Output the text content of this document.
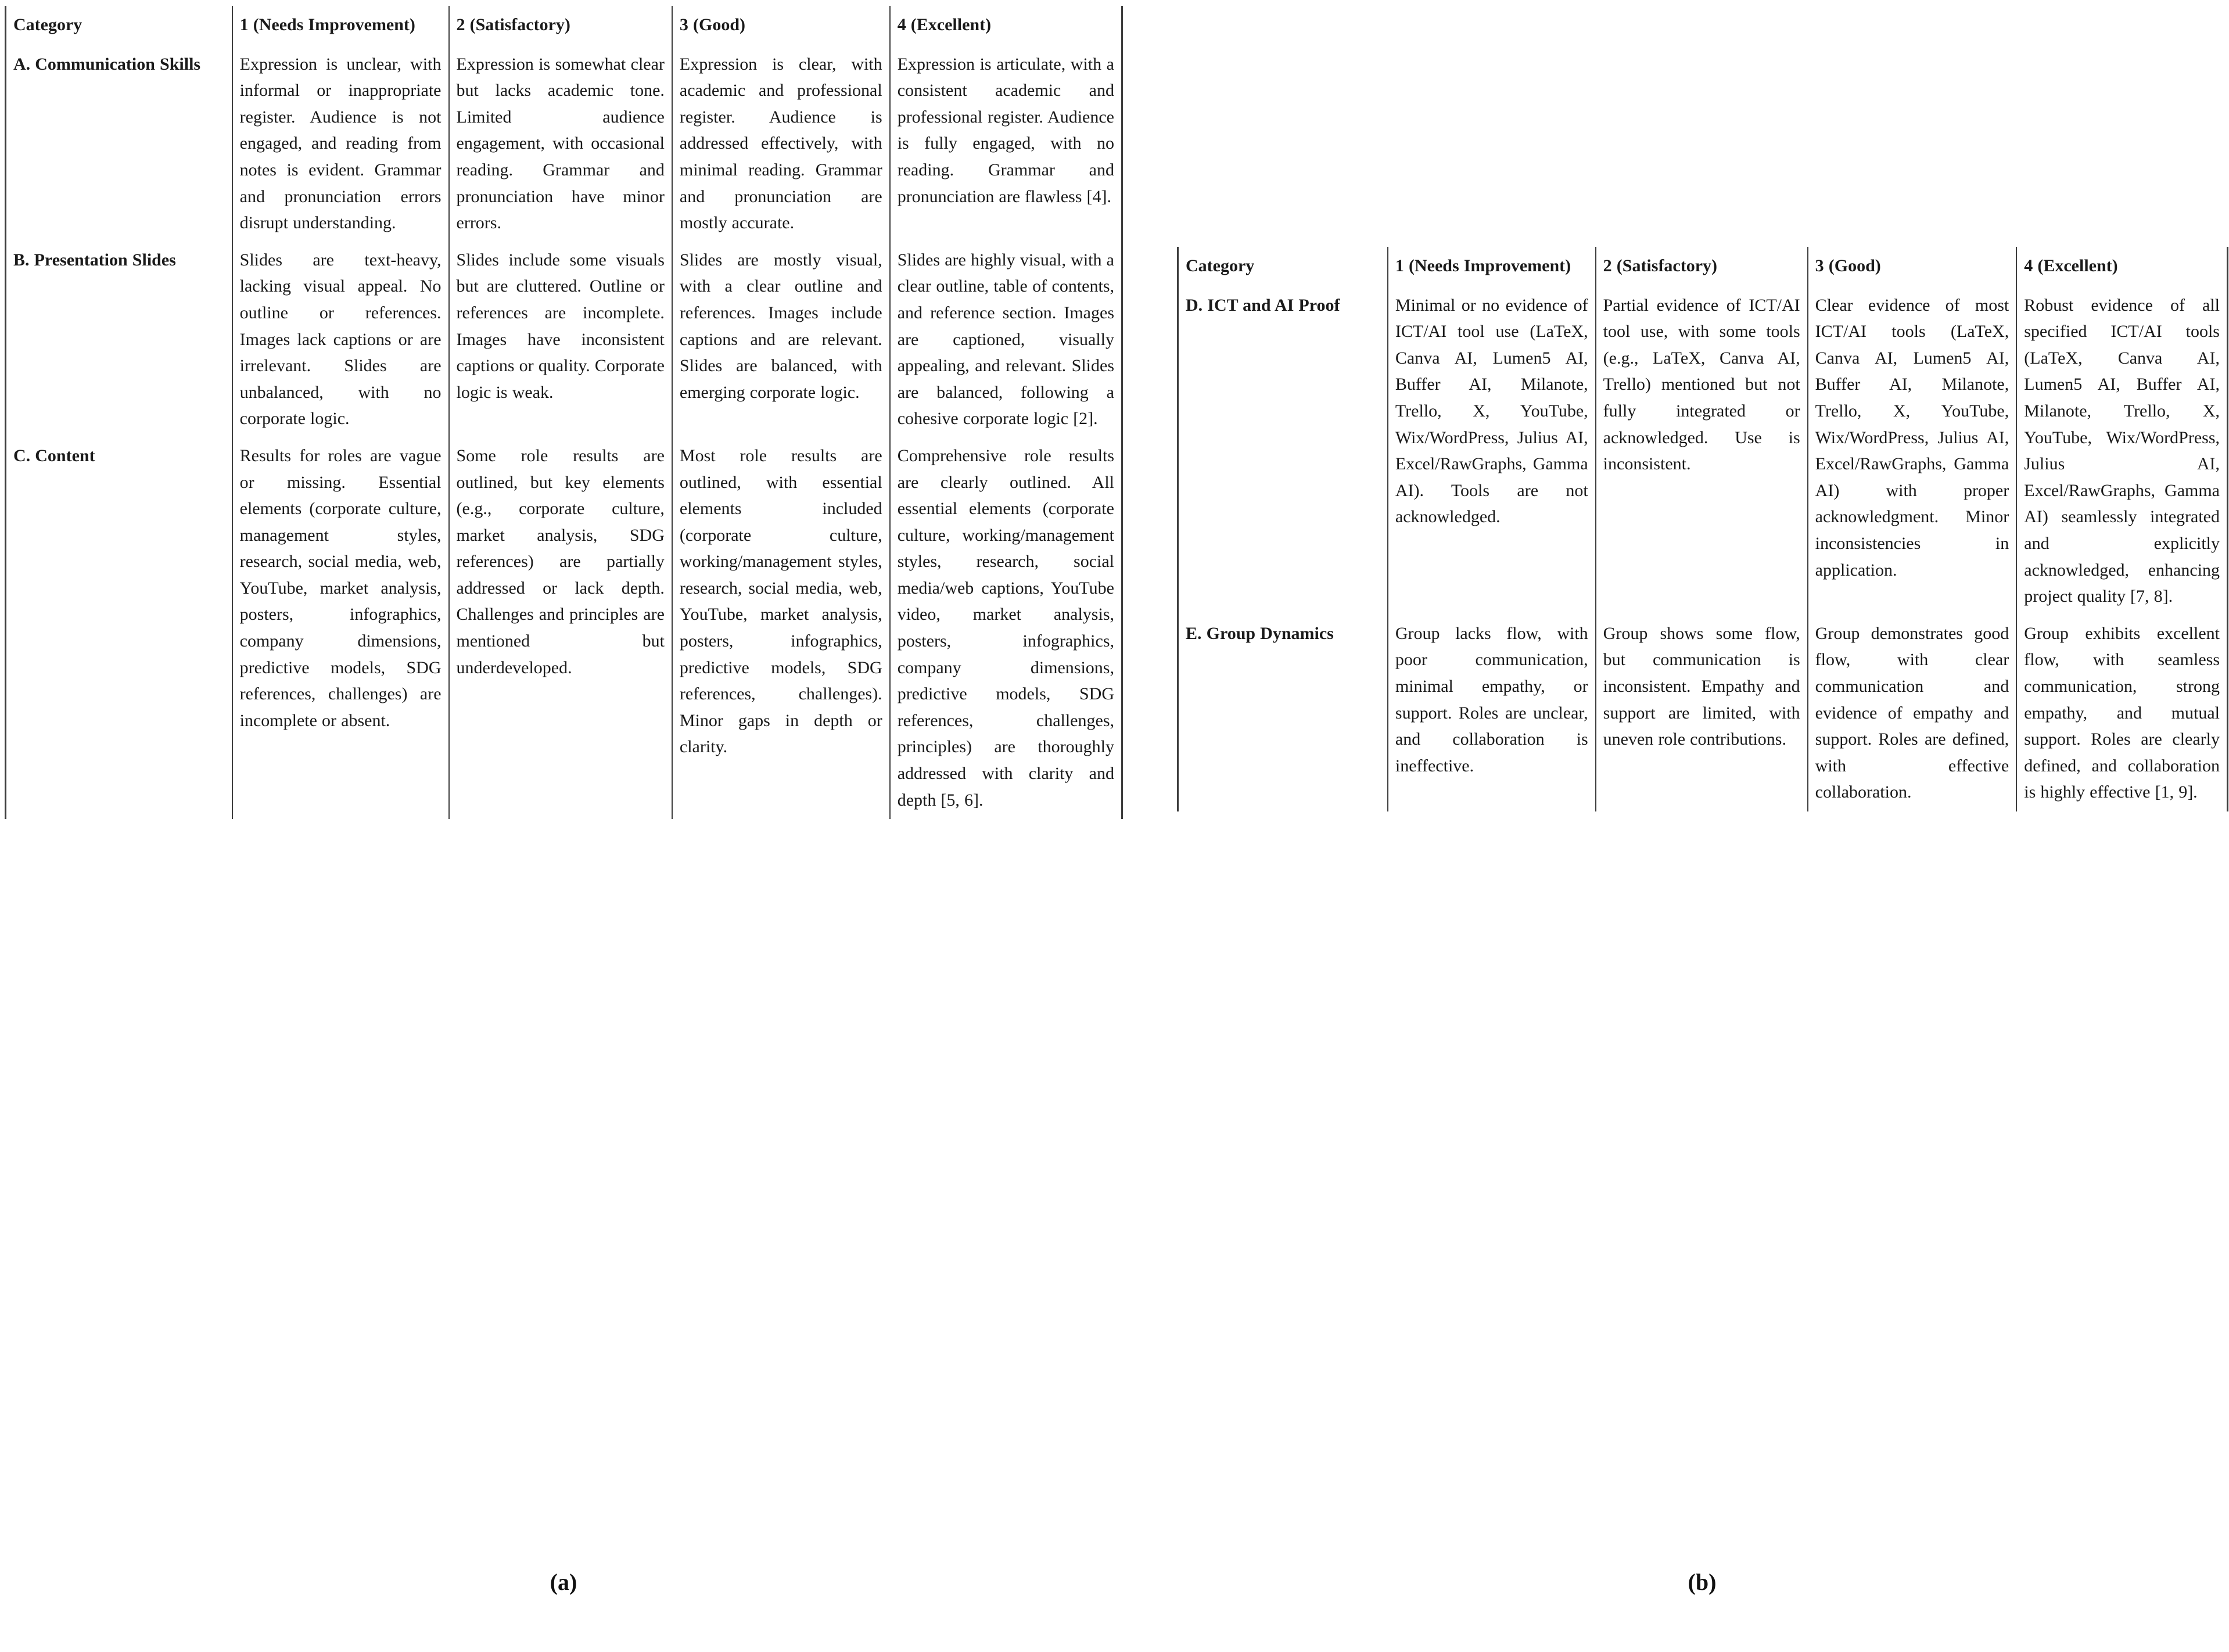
Category	1 (Needs Improvement)	2 (Satisfactory)	3 (Good)	4 (Excellent)
A. Communication Skills	Expression is unclear, with informal or inappropriate register. Audience is not engaged, and reading from notes is evident. Grammar and pronunciation errors disrupt understanding.	Expression is somewhat clear but lacks academic tone. Limited audience engagement, with occasional reading. Grammar and pronunciation have minor errors.	Expression is clear, with academic and professional register. Audience is addressed effectively, with minimal reading. Grammar and pronunciation are mostly accurate.	Expression is articulate, with a consistent academic and professional register. Audience is fully engaged, with no reading. Grammar and pronunciation are flawless [4].
B. Presentation Slides	Slides are text-heavy, lacking visual appeal. No outline or references. Images lack captions or are irrelevant. Slides are unbalanced, with no corporate logic.	Slides include some visuals but are cluttered. Outline or references are incomplete. Images have inconsistent captions or quality. Corporate logic is weak.	Slides are mostly visual, with a clear outline and references. Images include captions and are relevant. Slides are balanced, with emerging corporate logic.	Slides are highly visual, with a clear outline, table of contents, and reference section. Images are captioned, visually appealing, and relevant. Slides are balanced, following a cohesive corporate logic [2].
C. Content	Results for roles are vague or missing. Essential elements (corporate culture, management styles, research, social media, web, YouTube, market analysis, posters, infographics, company dimensions, predictive models, SDG references, challenges) are incomplete or absent.	Some role results are outlined, but key elements (e.g., corporate culture, market analysis, SDG references) are partially addressed or lack depth. Challenges and principles are mentioned but underdeveloped.	Most role results are outlined, with essential elements included (corporate culture, working/management styles, research, social media, web, YouTube, market analysis, posters, infographics, predictive models, SDG references, challenges). Minor gaps in depth or clarity.	Comprehensive role results are clearly outlined. All essential elements (corporate culture, working/management styles, research, social media/web captions, YouTube video, market analysis, posters, infographics, company dimensions, predictive models, SDG references, challenges, principles) are thoroughly addressed with clarity and depth [5, 6].
Category	1 (Needs Improvement)	2 (Satisfactory)	3 (Good)	4 (Excellent)
D. ICT and AI Proof	Minimal or no evidence of ICT/AI tool use (LaTeX, Canva AI, Lumen5 AI, Buffer AI, Milanote, Trello, X, YouTube, Wix/WordPress, Julius AI, Excel/RawGraphs, Gamma AI). Tools are not acknowledged.	Partial evidence of ICT/AI tool use, with some tools (e.g., LaTeX, Canva AI, Trello) mentioned but not fully integrated or acknowledged. Use is inconsistent.	Clear evidence of most ICT/AI tools (LaTeX, Canva AI, Lumen5 AI, Buffer AI, Milanote, Trello, X, YouTube, Wix/WordPress, Julius AI, Excel/RawGraphs, Gamma AI) with proper acknowledgment. Minor inconsistencies in application.	Robust evidence of all specified ICT/AI tools (LaTeX, Canva AI, Lumen5 AI, Buffer AI, Milanote, Trello, X, YouTube, Wix/WordPress, Julius AI, Excel/RawGraphs, Gamma AI) seamlessly integrated and explicitly acknowledged, enhancing project quality [7, 8].
E. Group Dynamics	Group lacks flow, with poor communication, minimal empathy, or support. Roles are unclear, and collaboration is ineffective.	Group shows some flow, but communication is inconsistent. Empathy and support are limited, with uneven role contributions.	Group demonstrates good flow, with clear communication and evidence of empathy and support. Roles are defined, with effective collaboration.	Group exhibits excellent flow, with seamless communication, strong empathy, and mutual support. Roles are clearly defined, and collaboration is highly effective [1, 9].
(a)	(b)
